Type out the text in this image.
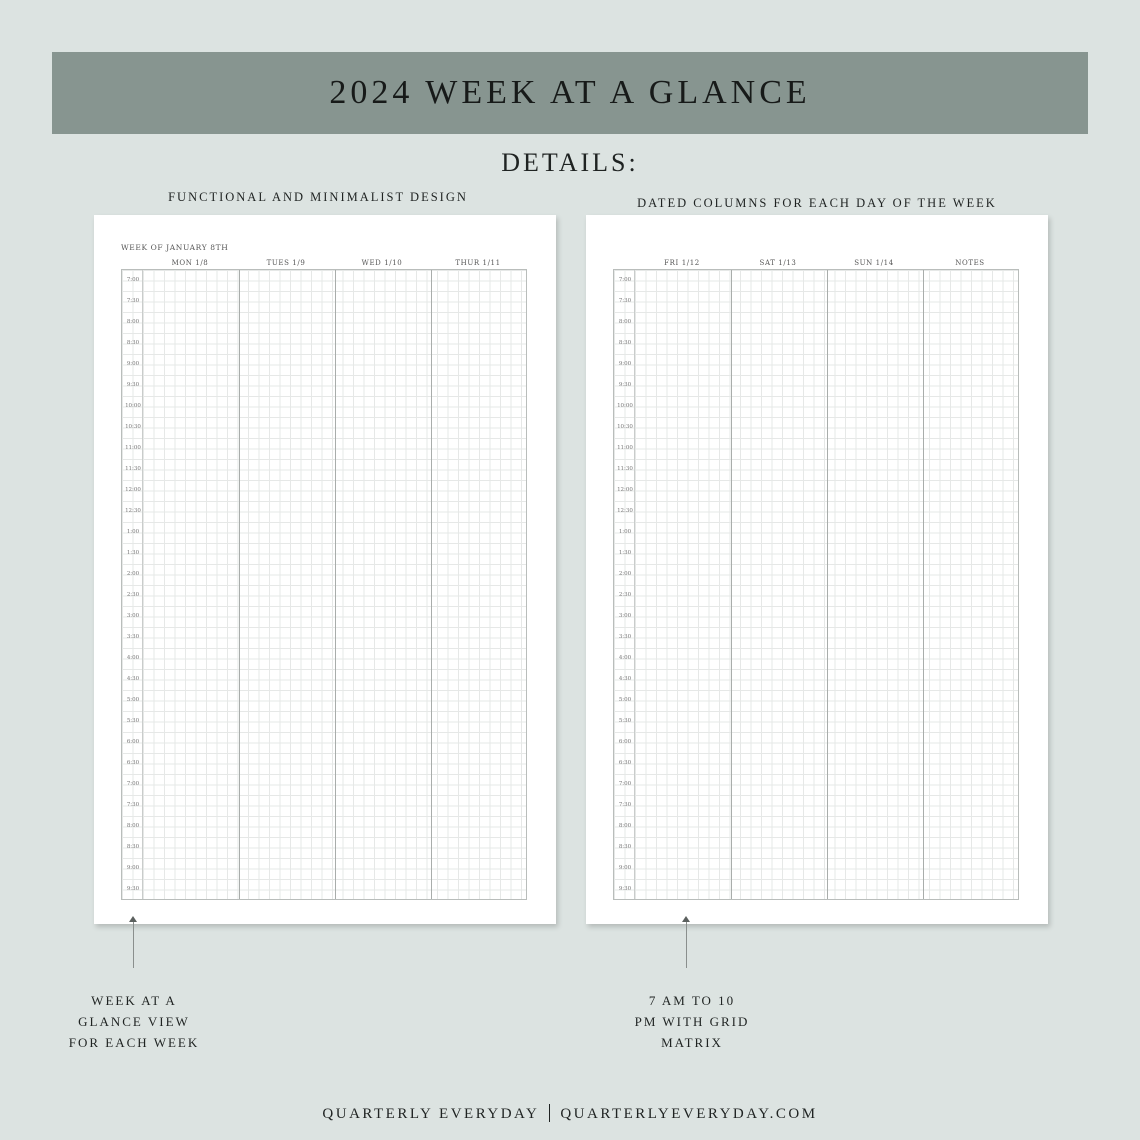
2024 WEEK AT A GLANCE
DETAILS:
FUNCTIONAL AND MINIMALIST DESIGN	DATED COLUMNS FOR EACH DAY OF THE WEEK
WEEK OF JANUARY 8TH
MON 1/8	TUES 1/9	WED 1/10	THUR 1/11
7:00
7:30
8:00
8:30
9:00
9:30
10:00
10:30
11:00
11:30
12:00
12:30
1:00
1:30
2:00
2:30
3:00
3:30
4:00
4:30
5:00
5:30
6:00
6:30
7:00
7:30
8:00
8:30
9:00
9:30
FRI 1/12	SAT 1/13	SUN 1/14	NOTES
7:00
7:30
8:00
8:30
9:00
9:30
10:00
10:30
11:00
11:30
12:00
12:30
1:00
1:30
2:00
2:30
3:00
3:30
4:00
4:30
5:00
5:30
6:00
6:30
7:00
7:30
8:00
8:30
9:00
9:30
WEEK AT A
GLANCE VIEW
FOR EACH WEEK
7 AM TO 10
PM WITH GRID
MATRIX
QUARTERLY EVERYDAY QUARTERLYEVERYDAY.COM
